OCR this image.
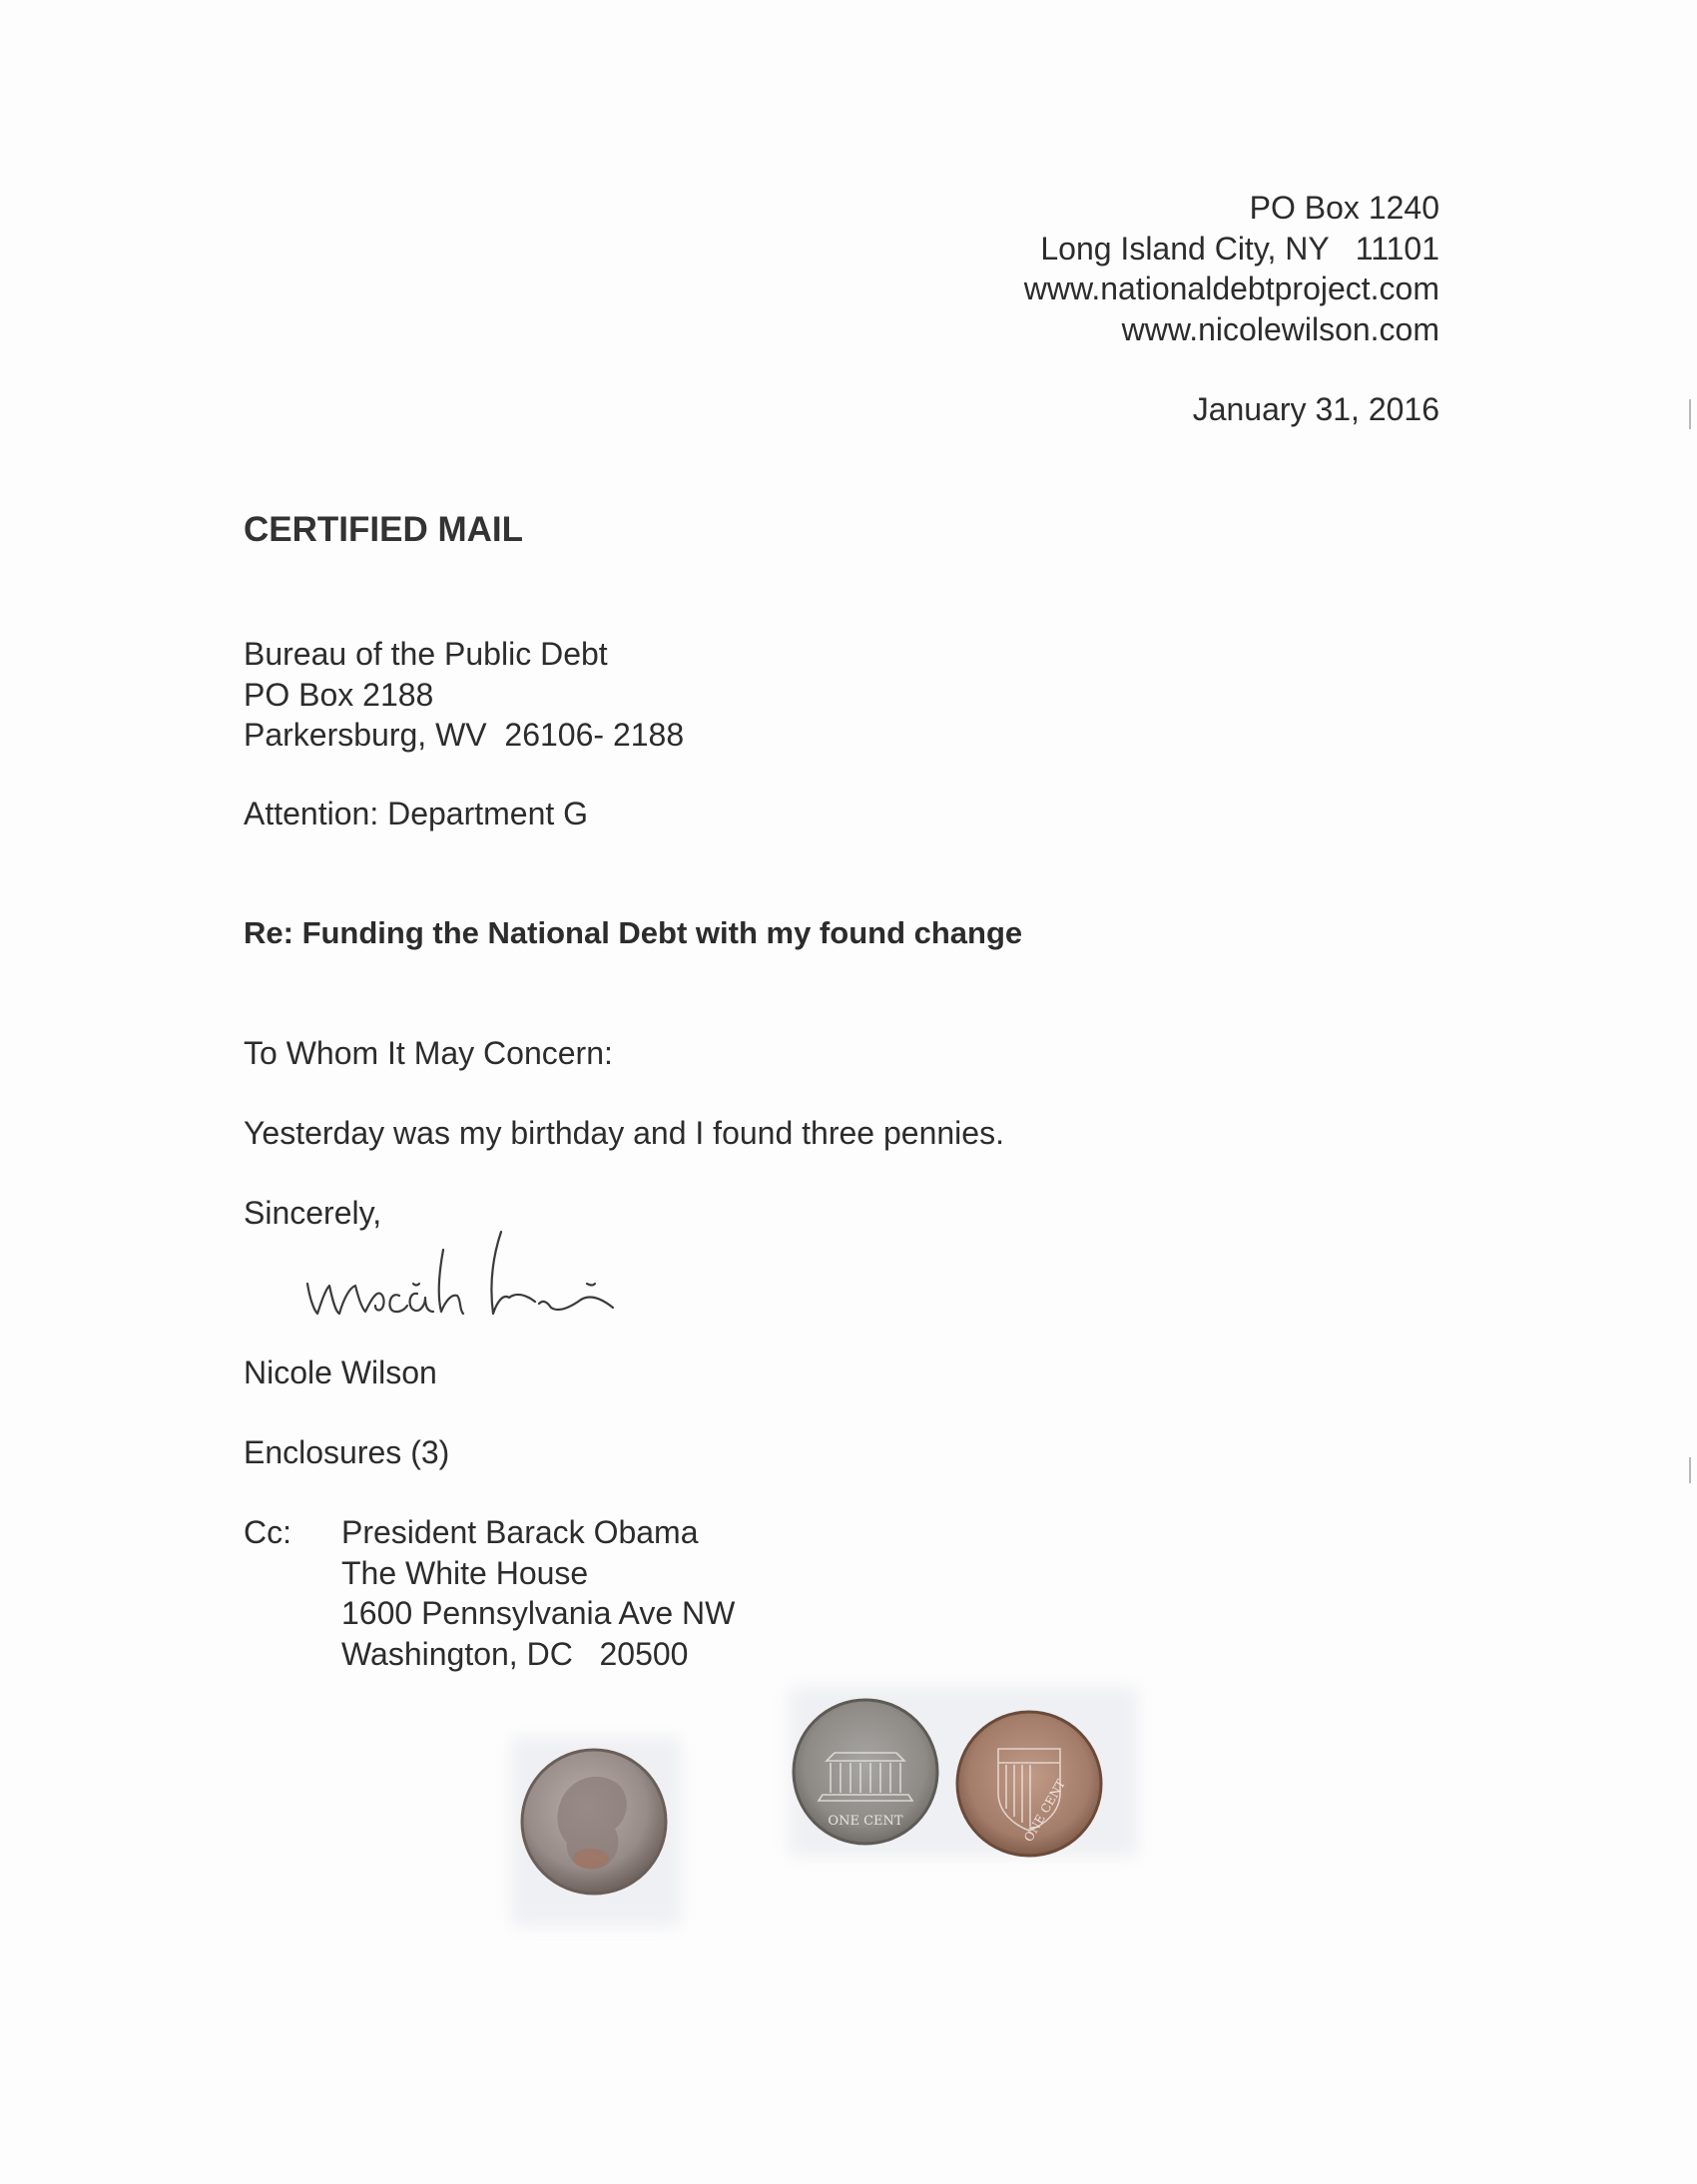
PO Box 1240
Long Island City, NY   11101
www.nationaldebtproject.com
www.nicolewilson.com
January 31, 2016
CERTIFIED MAIL
Bureau of the Public Debt
PO Box 2188
Parkersburg, WV  26106- 2188
Attention: Department G
Re: Funding the National Debt with my found change
To Whom It May Concern:
Yesterday was my birthday and I found three pennies.
Sincerely,
Nicole Wilson
Enclosures (3)
Cc: President Barack Obama
The White House
1600 Pennsylvania Ave NW
Washington, DC   20500
ONE CENT	ONE CENT
